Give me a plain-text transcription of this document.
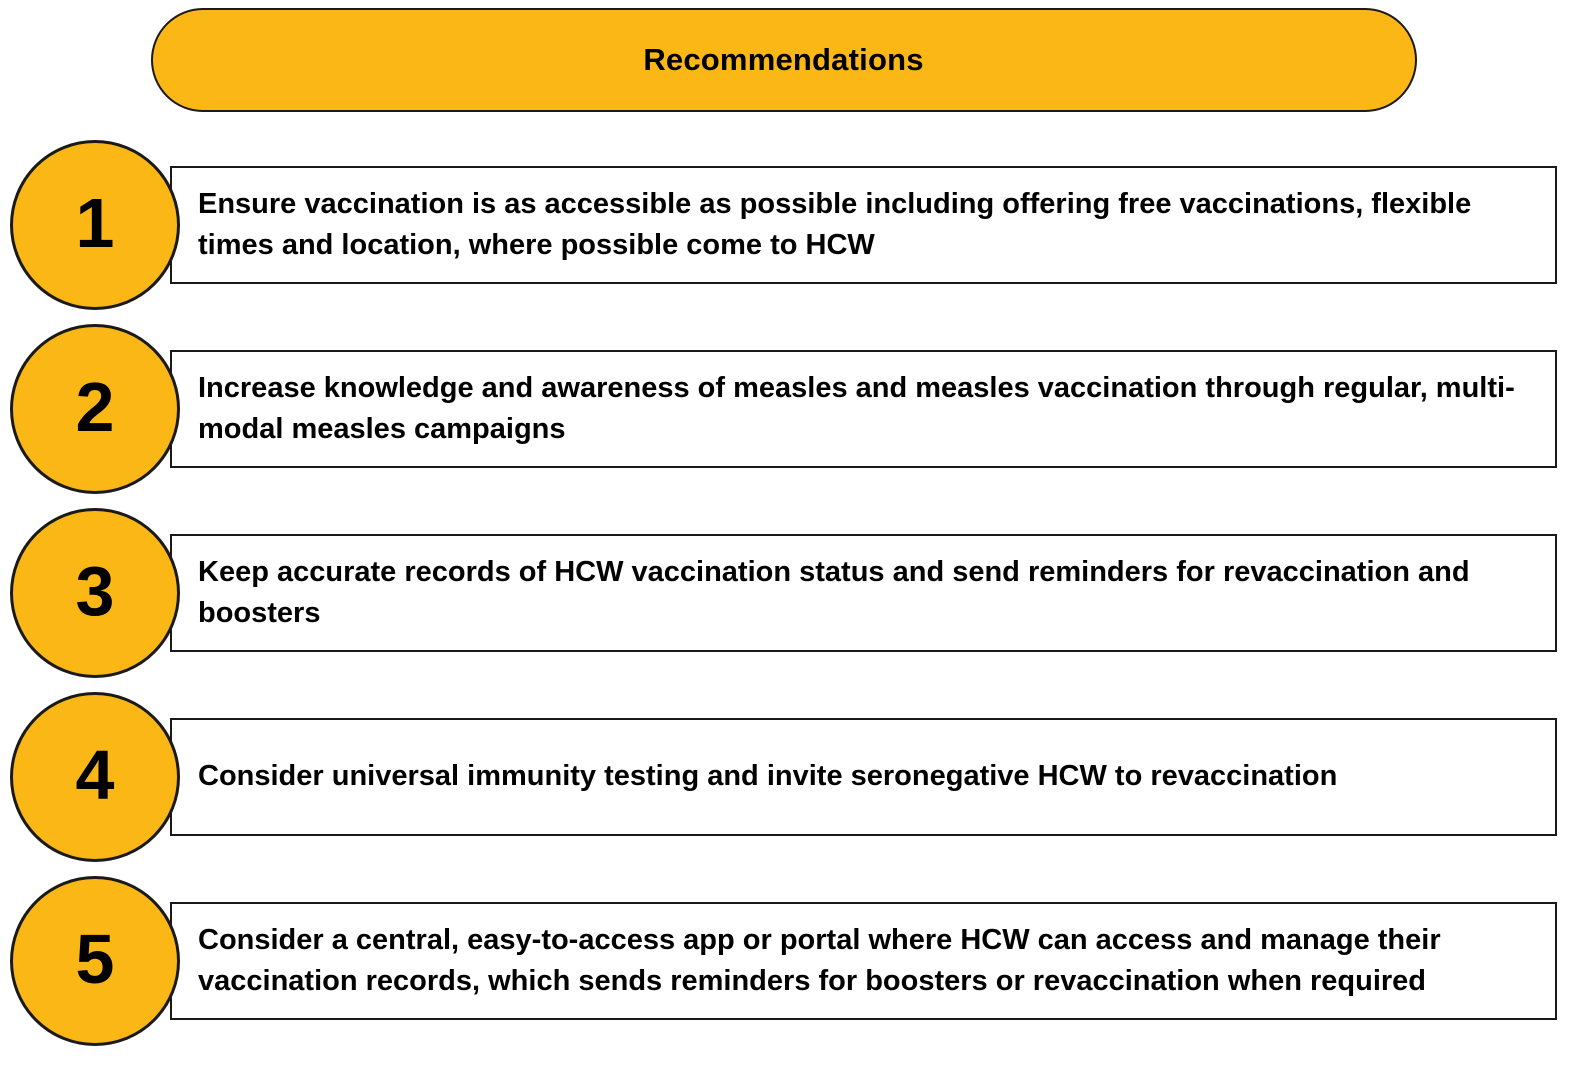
Recommendations
1	Ensure vaccination is as accessible as possible including offering free vaccinations, flexible times and location, where possible come to HCW
2	Increase knowledge and awareness of measles and measles vaccination through regular, multi-modal measles campaigns
3	Keep accurate records of HCW vaccination status and send reminders for revaccination and boosters
4	Consider universal immunity testing and invite seronegative HCW to revaccination
5	Consider a central, easy-to-access app or portal where HCW can access and manage their vaccination records, which sends reminders for boosters or revaccination when required
